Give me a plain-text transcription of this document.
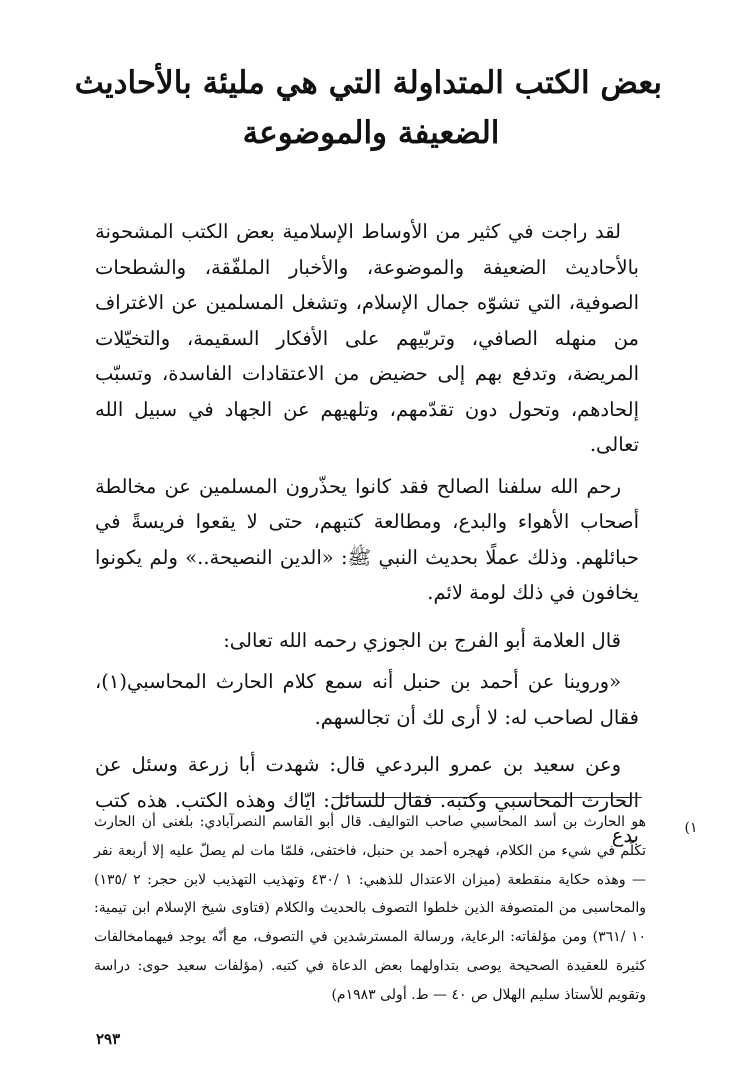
بعض الكتب المتداولة التي هي مليئة بالأحاديث
الضعيفة والموضوعة

لقد راجت في كثير من الأوساط الإسلامية بعض الكتب المشحونة بالأحاديث الضعيفة والموضوعة، والأخبار الملفّقة، والشطحات الصوفية، التي تشوّه جمال الإسلام، وتشغل المسلمين عن الاغتراف من منهله الصافي، وتربّيهم على الأفكار السقيمة، والتخيّلات المريضة، وتدفع بهم إلى حضيض من الاعتقادات الفاسدة، وتسبّب إلحادهم، وتحول دون تقدّمهم، وتلهيهم عن الجهاد في سبيل الله تعالى.

رحم الله سلفنا الصالح فقد كانوا يحذّرون المسلمين عن مخالطة أصحاب الأهواء والبدع، ومطالعة كتبهم، حتى لا يقعوا فريسةً في حبائلهم. وذلك عملًا بحديث النبي ﷺ: «الدين النصيحة..» ولم يكونوا يخافون في ذلك لومة لائم.

قال العلامة أبو الفرج بن الجوزي رحمه الله تعالى:

«وروينا عن أحمد بن حنبل أنه سمع كلام الحارث المحاسبي(١)، فقال لصاحب له: لا أرى لك أن تجالسهم.

وعن سعيد بن عمرو البردعي قال: شهدت أبا زرعة وسئل عن الحارث المحاسبي وكتبه. فقال للسائل: ايّاك وهذه الكتب. هذه كتب بدع	١)
هو الحارث بن أسد المحاسبي صاحب التواليف. قال أبو القاسم النصرآبادي: بلغنى أن الحارث تكلّم في شيء من الكلام، فهجره أحمد بن حنبل، فاختفى، فلمّا مات لم يصلّ عليه إلا أربعة نفر — وهذه حكاية منقطعة (ميزان الاعتدال للذهبي: ١ /٤٣٠ وتهذيب التهذيب لابن حجر: ٢ /١٣٥) والمحاسبى من المتصوفة الذين خلطوا التصوف بالحديث والكلام (فتاوى شيخ الإسلام ابن تيمية: ١٠ /٣٦١) ومن مؤلفاته: الرعاية، ورسالة المسترشدين في التصوف، مع أنّه يوجد فيهمامخالفات كثيرة للعقيدة الصحيحة يوصى بتداولهما بعض الدعاة في كتبه. (مؤلفات سعيد حوى: دراسة وتقويم للأستاذ سليم الهلال ص ٤٠ — ط. أولى ١٩٨٣م)
٢٩٣
